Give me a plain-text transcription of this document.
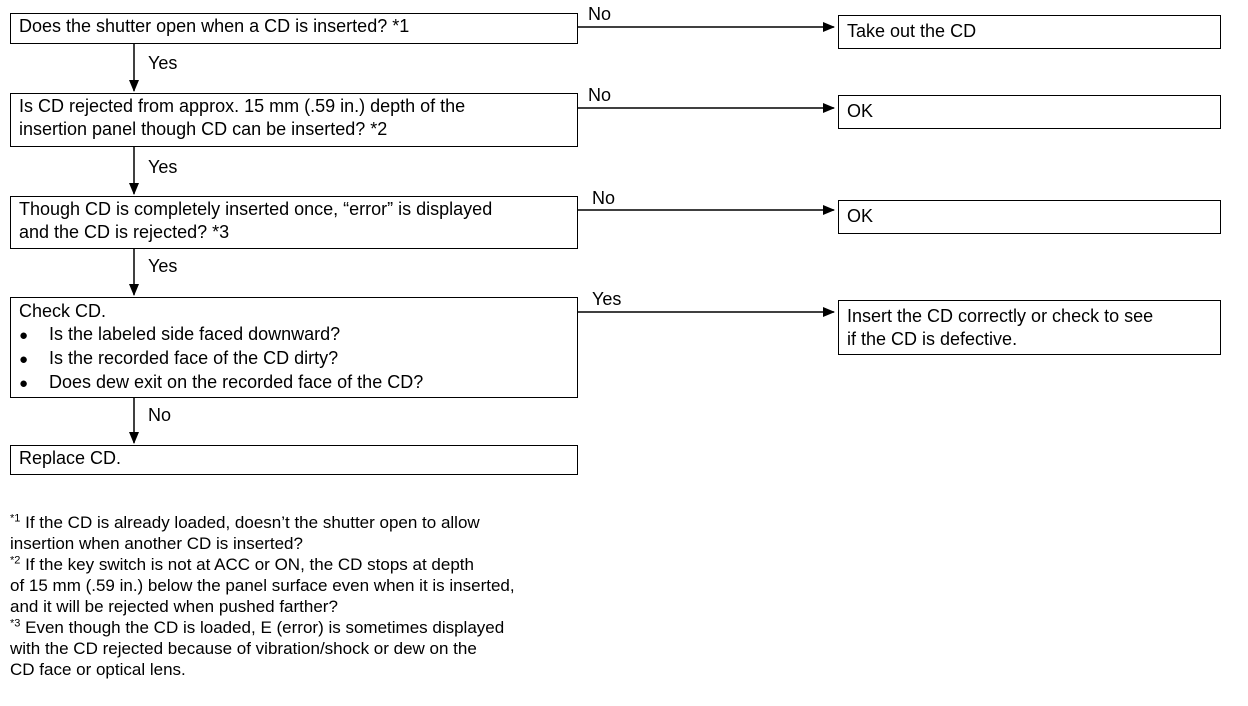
Does the shutter open when a CD is inserted? *1
Is CD rejected from approx. 15 mm (.59 in.) depth of the
insertion panel though CD can be inserted? *2
Though CD is completely inserted once, “error” is displayed
and the CD is rejected? *3
Check CD.
●	Is the labeled side faced downward?
●	Is the recorded face of the CD dirty?
●	Does dew exit on the recorded face of the CD?
Replace CD.
Take out the CD
OK
OK
Insert the CD correctly or check to see
if the CD is defective.
No
Yes
No
Yes
No
Yes
Yes
No
$^{*1}$ If the CD is already loaded, doesn’t the shutter open to allow
insertion when another CD is inserted?
$^{*2}$ If the key switch is not at ACC or ON, the CD stops at depth
of 15 mm (.59 in.) below the panel surface even when it is inserted,
and it will be rejected when pushed farther?
$^{*3}$ Even though the CD is loaded, E (error) is sometimes displayed
with the CD rejected because of vibration/shock or dew on the
CD face or optical lens.
